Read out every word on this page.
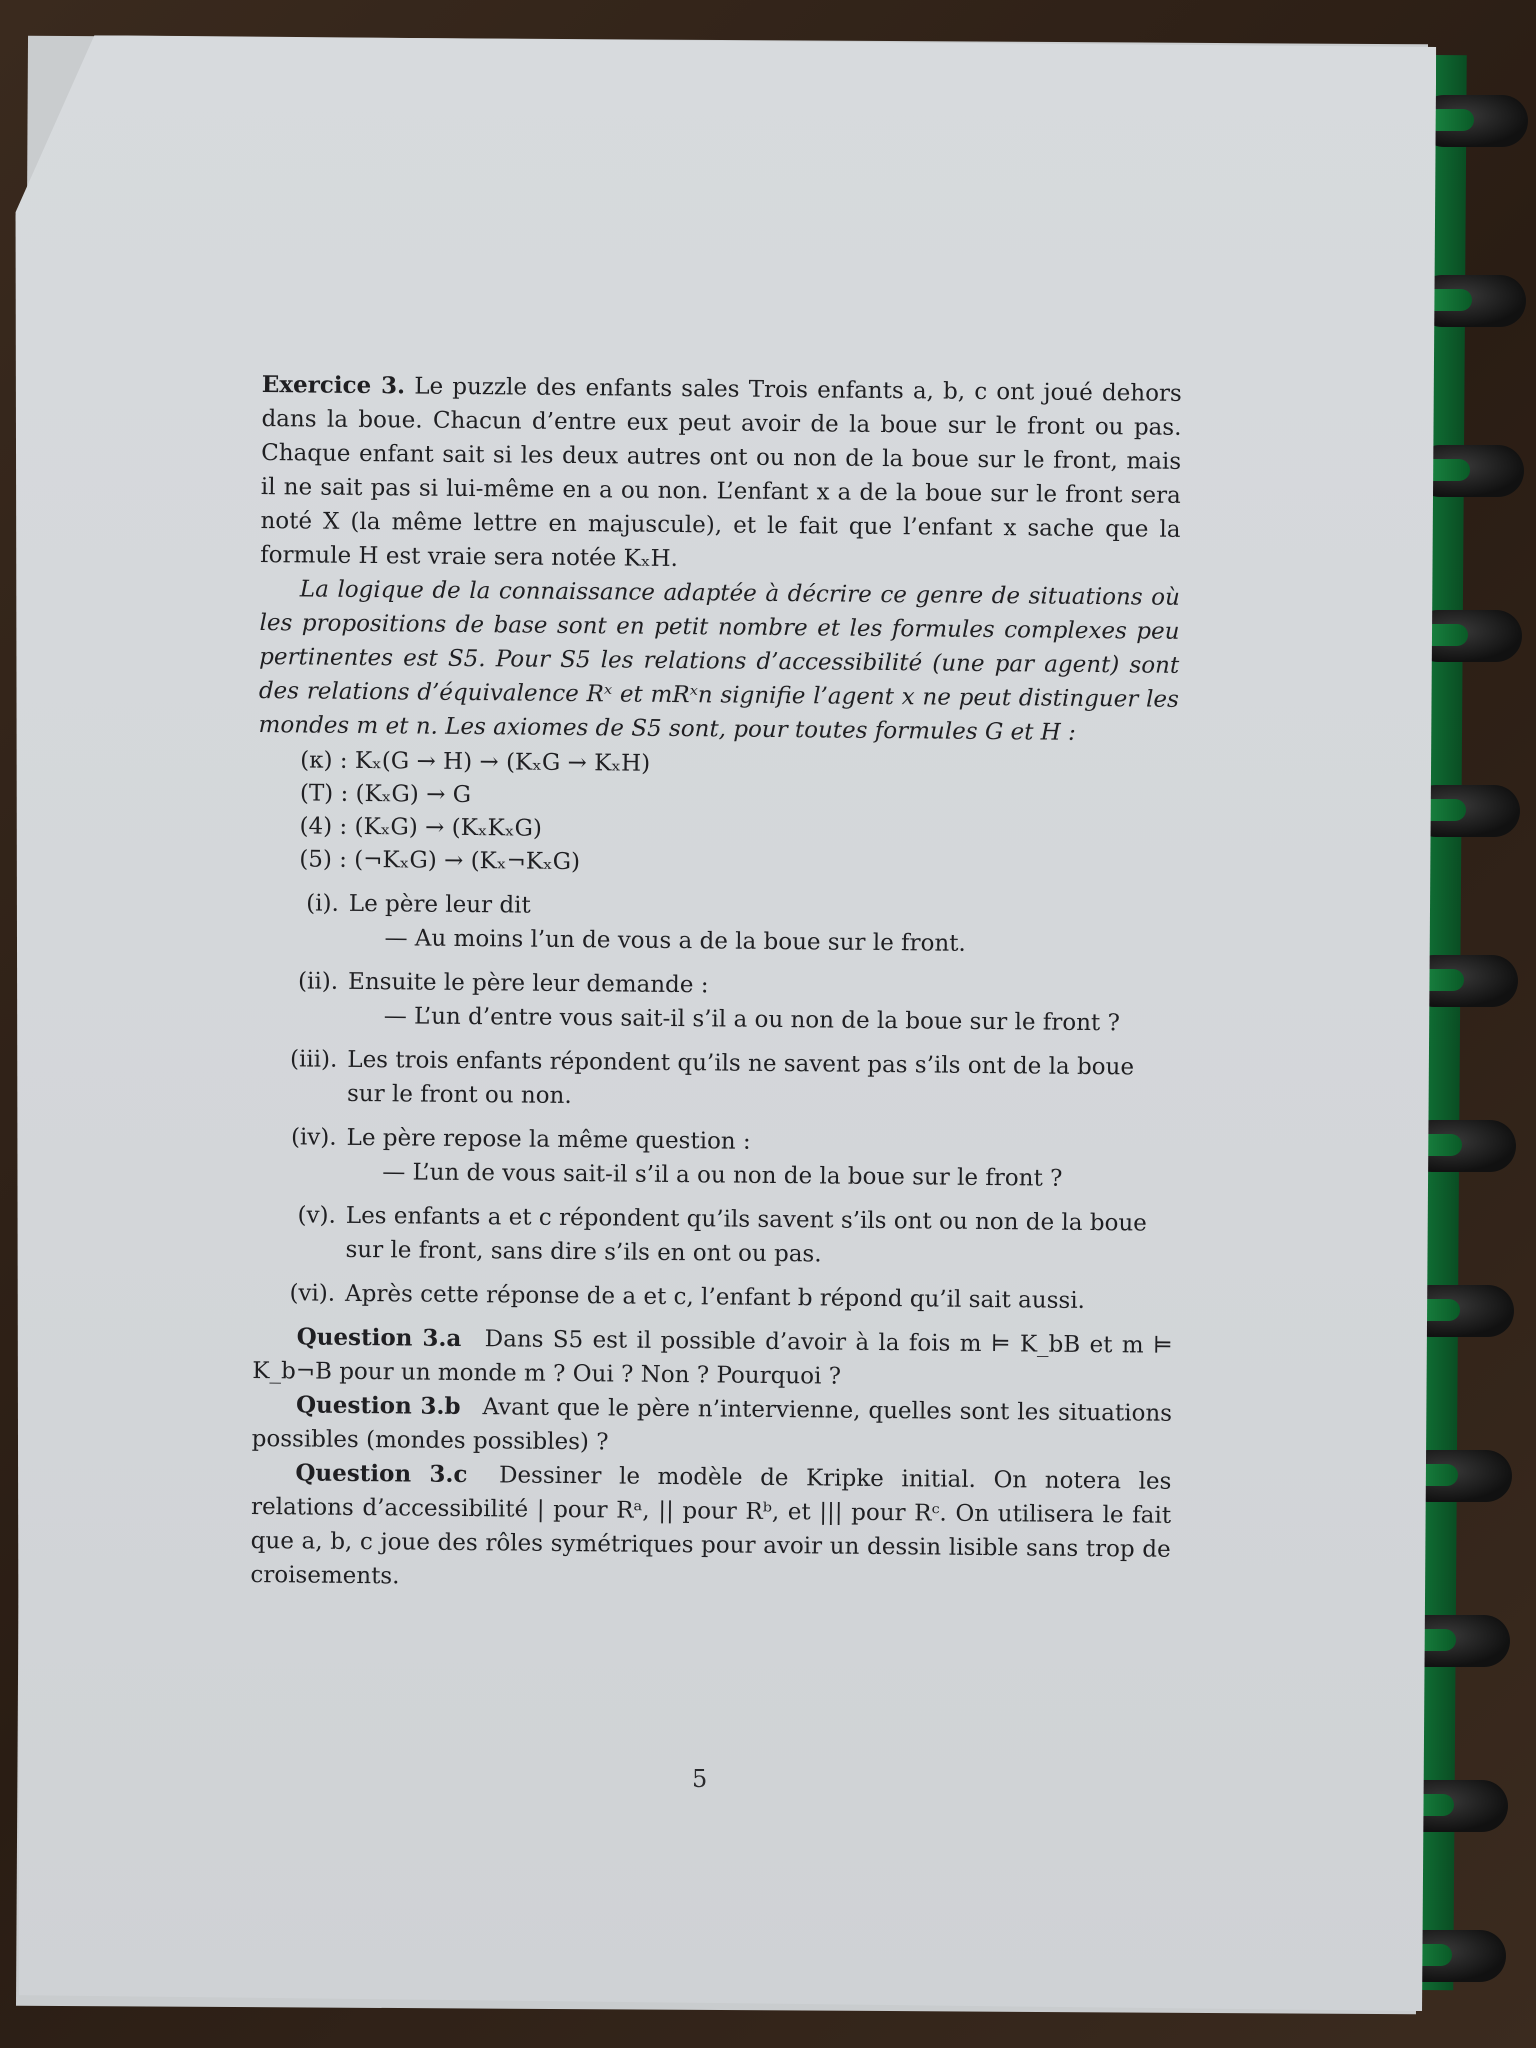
Exercice 3. Le puzzle des enfants sales Trois enfants a, b, c ont joué dehors dans la boue. Chacun d’entre eux peut avoir de la boue sur le front ou pas. Chaque enfant sait si les deux autres ont ou non de la boue sur le front, mais il ne sait pas si lui-même en a ou non. L’enfant x a de la boue sur le front sera noté X (la même lettre en majuscule), et le fait que l’enfant x sache que la formule H est vraie sera notée KₓH.

La logique de la connaissance adaptée à décrire ce genre de situations où les propositions de base sont en petit nombre et les formules complexes peu pertinentes est S5. Pour S5 les relations d’accessibilité (une par agent) sont des relations d’équivalence Rˣ et mRˣn signifie l’agent x ne peut distinguer les mondes m et n. Les axiomes de S5 sont, pour toutes formules G et H :

(κ) : Kₓ(G → H) → (KₓG → KₓH)
(T) : (KₓG) → G
(4) : (KₓG) → (KₓKₓG)
(5) : (¬KₓG) → (Kₓ¬KₓG)
(i). Le père leur dit
— Au moins l’un de vous a de la boue sur le front.
(ii). Ensuite le père leur demande :
— L’un d’entre vous sait-il s’il a ou non de la boue sur le front ?
(iii). Les trois enfants répondent qu’ils ne savent pas s’ils ont de la boue sur le front ou non.
(iv). Le père repose la même question :
— L’un de vous sait-il s’il a ou non de la boue sur le front ?
(v). Les enfants a et c répondent qu’ils savent s’ils ont ou non de la boue sur le front, sans dire s’ils en ont ou pas.
(vi). Après cette réponse de a et c, l’enfant b répond qu’il sait aussi.

Question 3.a Dans S5 est il possible d’avoir à la fois m ⊨ K_bB et m ⊨ K_b¬B pour un monde m ? Oui ? Non ? Pourquoi ?

Question 3.b Avant que le père n’intervienne, quelles sont les situations possibles (mondes possibles) ?

Question 3.c Dessiner le modèle de Kripke initial. On notera les relations d’accessibilité | pour Rᵃ, || pour Rᵇ, et ||| pour Rᶜ. On utilisera le fait que a, b, c joue des rôles symétriques pour avoir un dessin lisible sans trop de croisements.

5
